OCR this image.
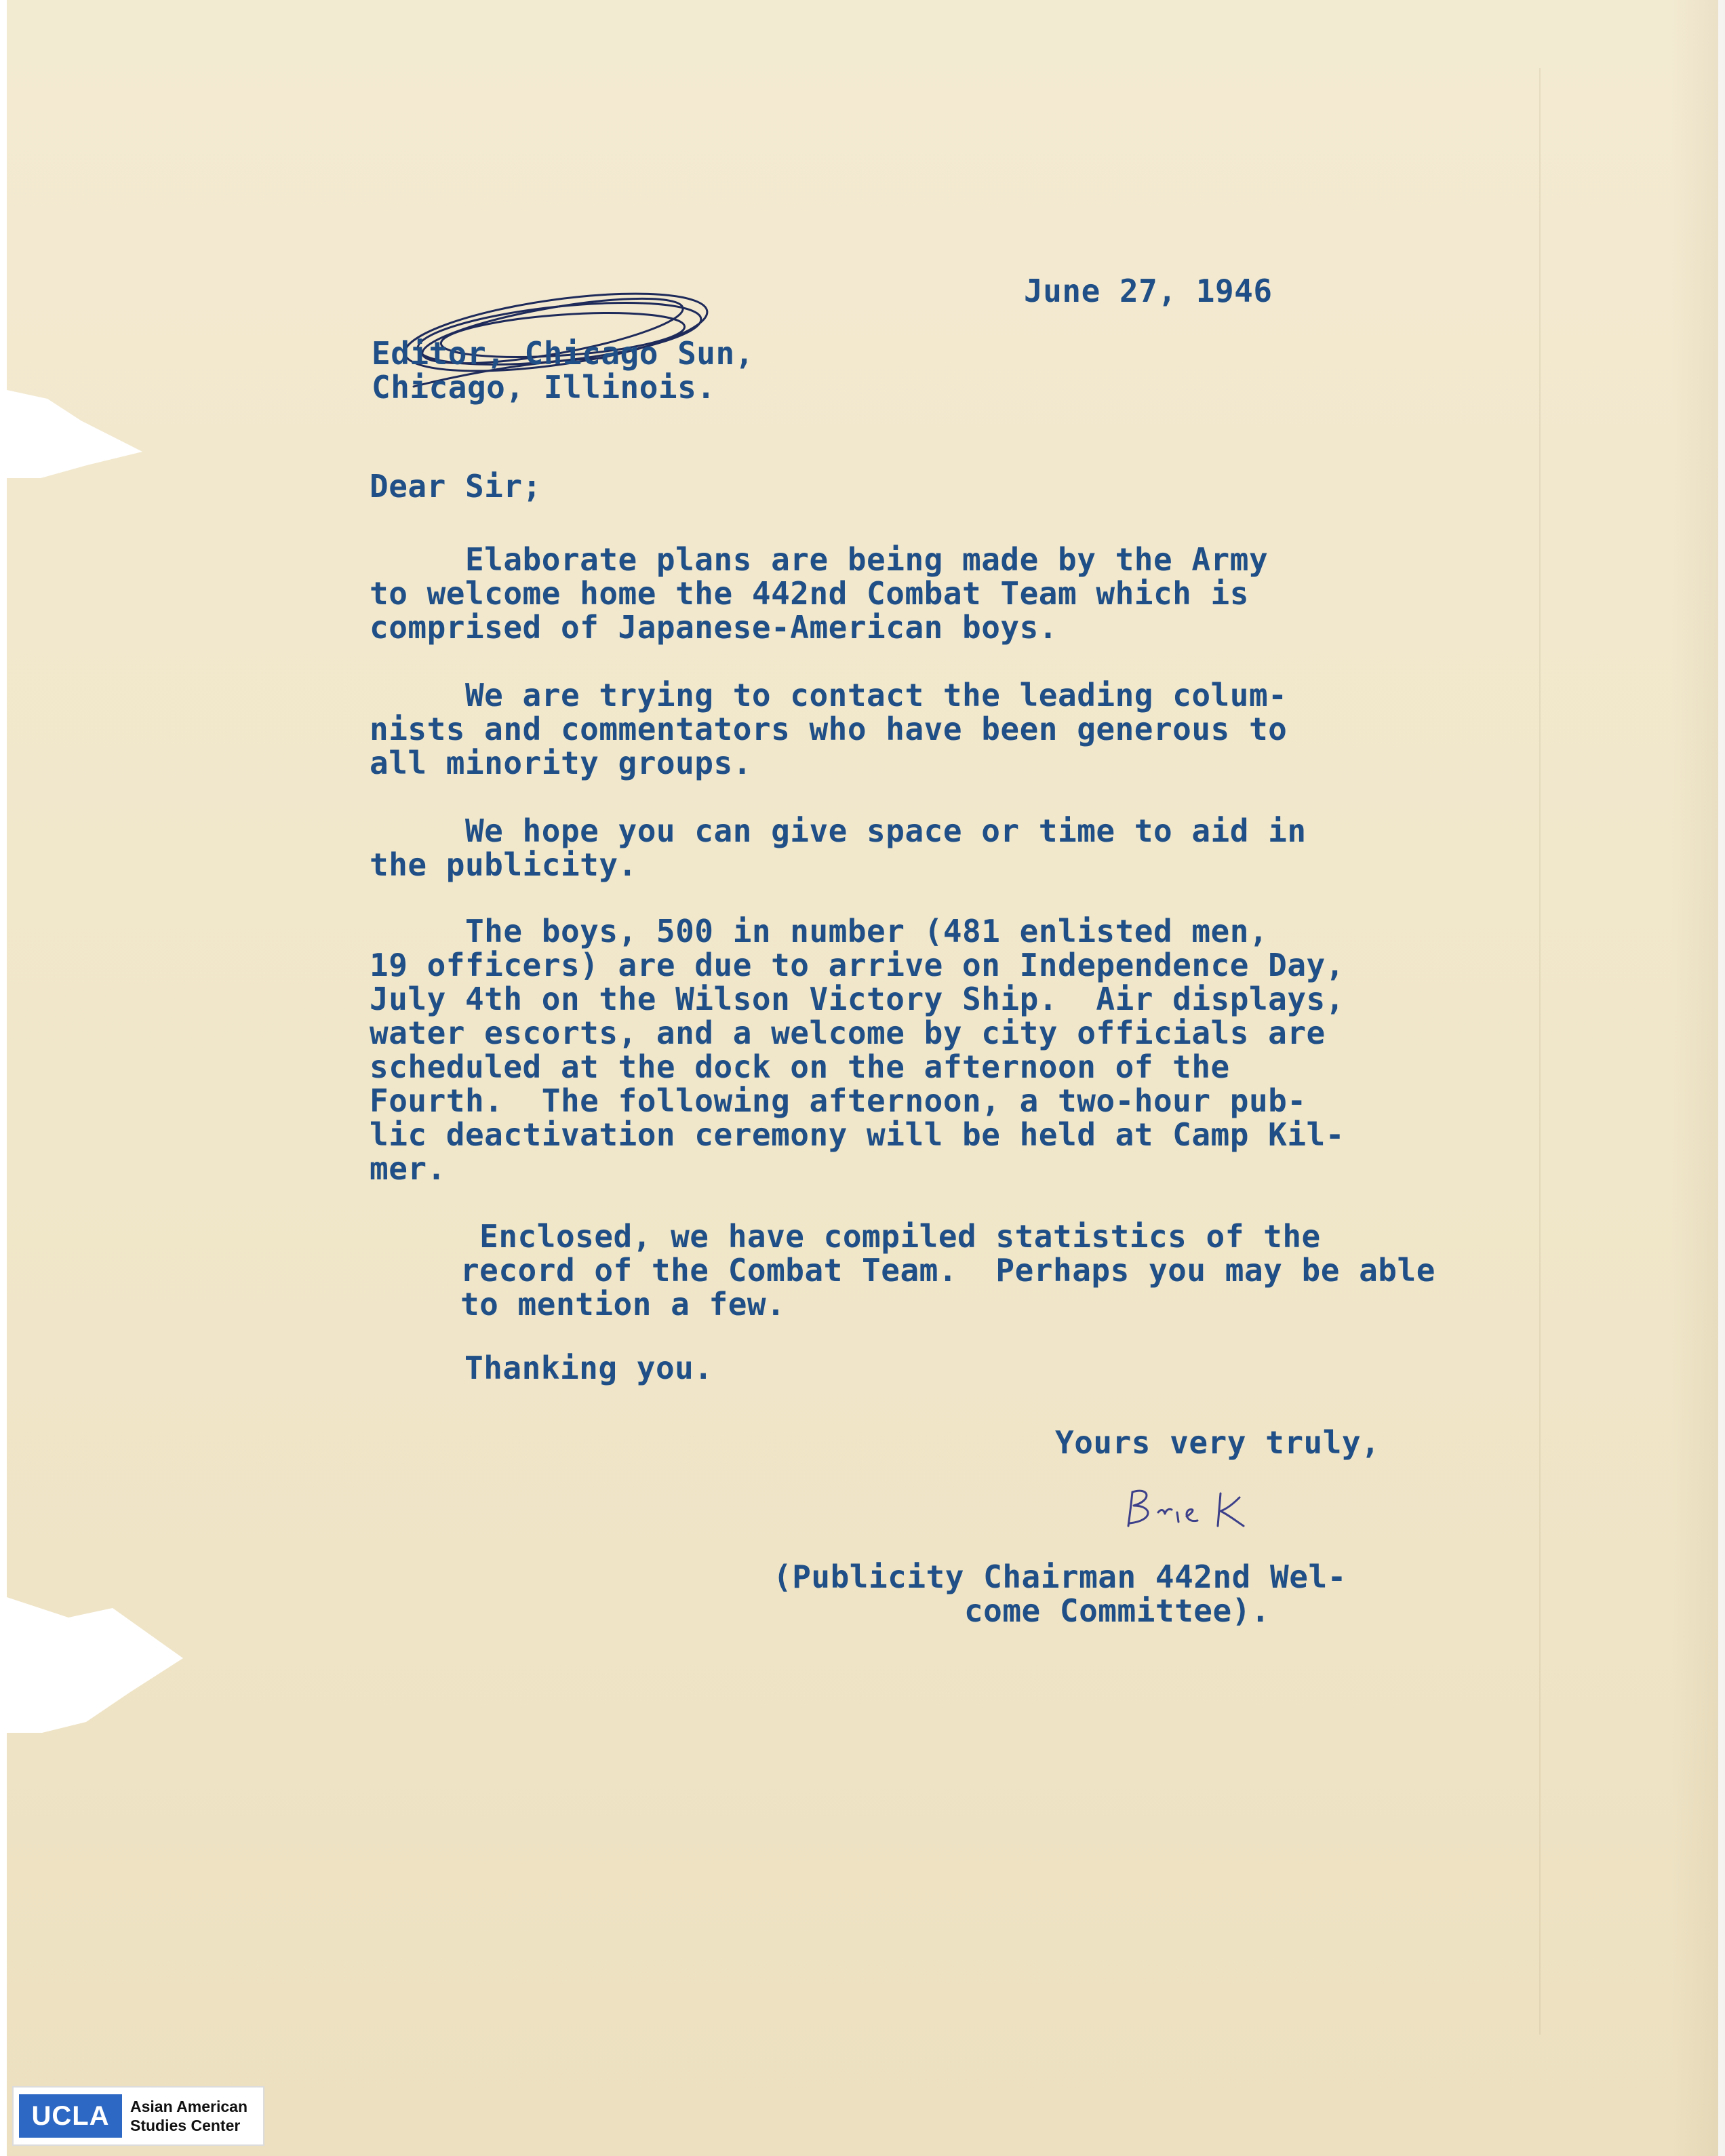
June 27, 1946
Editor, Chicago Sun,
Chicago, Illinois.
Dear Sir;
Elaborate plans are being made by the Army
to welcome home the 442nd Combat Team which is
comprised of Japanese-American boys.
We are trying to contact the leading colum-
nists and commentators who have been generous to
all minority groups.
We hope you can give space or time to aid in
the publicity.
The boys, 500 in number (481 enlisted men,
19 officers) are due to arrive on Independence Day,
July 4th on the Wilson Victory Ship.  Air displays,
water escorts, and a welcome by city officials are
scheduled at the dock on the afternoon of the
Fourth.  The following afternoon, a two-hour pub-
lic deactivation ceremony will be held at Camp Kil-
mer.
Enclosed, we have compiled statistics of the
record of the Combat Team.  Perhaps you may be able
to mention a few.
Thanking you.
Yours very truly,
(Publicity Chairman 442nd Wel-
come Committee).
UCLA	Asian American
Studies Center
